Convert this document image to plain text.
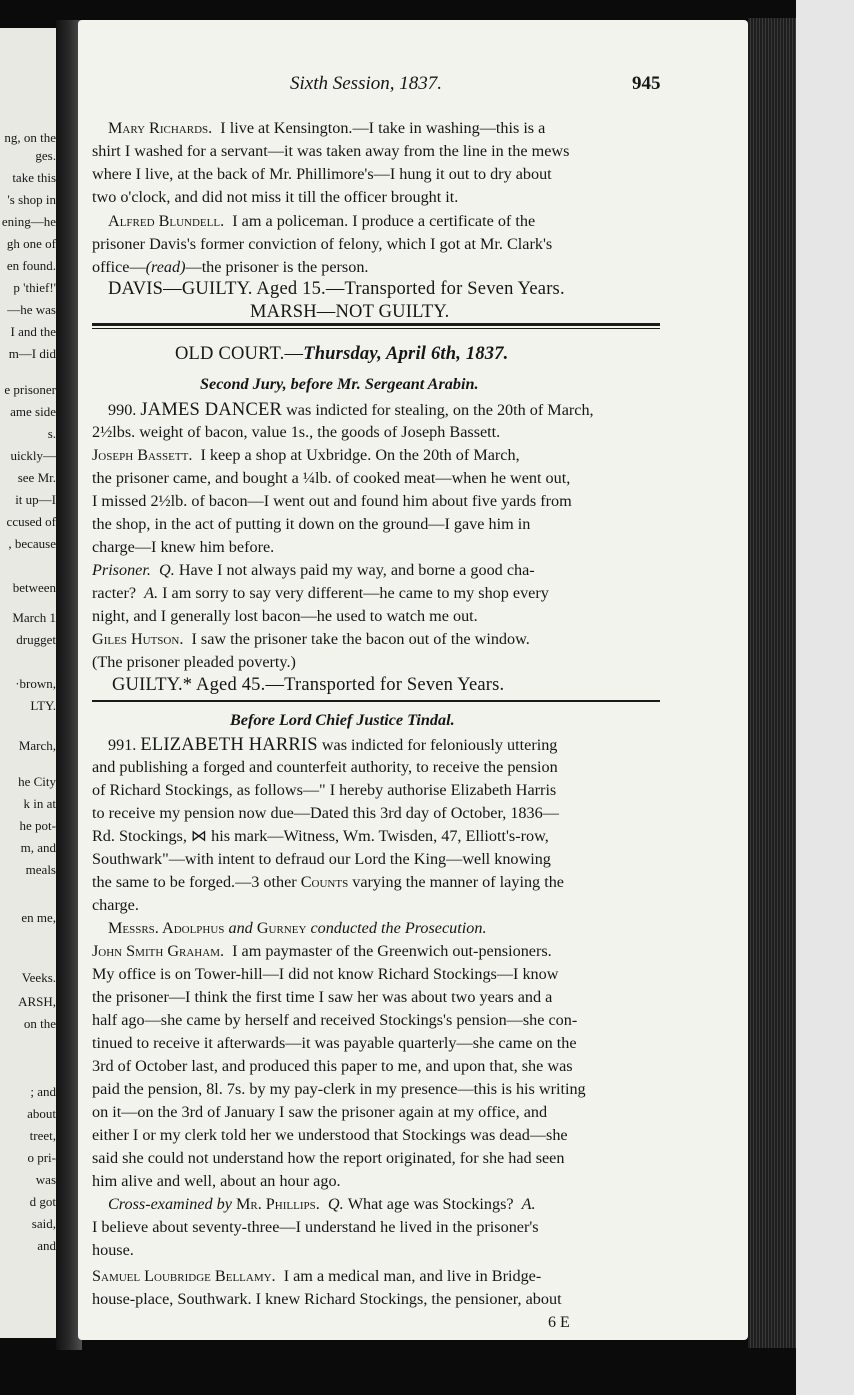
ng, on the
ges.
take this
's shop in
ening—he
gh one of
en found.
p 'thief!'
—he was
I and the
m—I did
e prisoner
ame side
s.
uickly—
see Mr.
it up—I
ccused of
, because
between
March 1
drugget
·brown,
LTY.
March,
he City
k in at
he pot-
m, and
meals
en me,
Veeks.
ARSH,
on the
; and
about
treet,
o pri-
was
d got
said,
and
Sixth Session, 1837.	945
Mary Richards. I live at Kensington.—I take in washing—this is a
shirt I washed for a servant—it was taken away from the line in the mews
where I live, at the back of Mr. Phillimore's—I hung it out to dry about
two o'clock, and did not miss it till the officer brought it.
Alfred Blundell. I am a policeman. I produce a certificate of the
prisoner Davis's former conviction of felony, which I got at Mr. Clark's
office—(read)—the prisoner is the person.
DAVIS—GUILTY. Aged 15.—Transported for Seven Years.
MARSH—NOT GUILTY.
OLD COURT.—Thursday, April 6th, 1837.
Second Jury, before Mr. Sergeant Arabin.
990. JAMES DANCER was indicted for stealing, on the 20th of March,
2½lbs. weight of bacon, value 1s., the goods of Joseph Bassett.
Joseph Bassett. I keep a shop at Uxbridge. On the 20th of March,
the prisoner came, and bought a ¼lb. of cooked meat—when he went out,
I missed 2½lb. of bacon—I went out and found him about five yards from
the shop, in the act of putting it down on the ground—I gave him in
charge—I knew him before.
Prisoner. Q. Have I not always paid my way, and borne a good cha-
racter? A. I am sorry to say very different—he came to my shop every
night, and I generally lost bacon—he used to watch me out.
Giles Hutson. I saw the prisoner take the bacon out of the window.
(The prisoner pleaded poverty.)
GUILTY.* Aged 45.—Transported for Seven Years.
Before Lord Chief Justice Tindal.
991. ELIZABETH HARRIS was indicted for feloniously uttering
and publishing a forged and counterfeit authority, to receive the pension
of Richard Stockings, as follows—" I hereby authorise Elizabeth Harris
to receive my pension now due—Dated this 3rd day of October, 1836—
Rd. Stockings, ⋈ his mark—Witness, Wm. Twisden, 47, Elliott's-row,
Southwark"—with intent to defraud our Lord the King—well knowing
the same to be forged.—3 other Counts varying the manner of laying the
charge.
Messrs. Adolphus and Gurney conducted the Prosecution.
John Smith Graham. I am paymaster of the Greenwich out-pensioners.
My office is on Tower-hill—I did not know Richard Stockings—I know
the prisoner—I think the first time I saw her was about two years and a
half ago—she came by herself and received Stockings's pension—she con-
tinued to receive it afterwards—it was payable quarterly—she came on the
3rd of October last, and produced this paper to me, and upon that, she was
paid the pension, 8l. 7s. by my pay-clerk in my presence—this is his writing
on it—on the 3rd of January I saw the prisoner again at my office, and
either I or my clerk told her we understood that Stockings was dead—she
said she could not understand how the report originated, for she had seen
him alive and well, about an hour ago.
Cross-examined by Mr. Phillips. Q. What age was Stockings? A.
I believe about seventy-three—I understand he lived in the prisoner's
house.
Samuel Loubridge Bellamy. I am a medical man, and live in Bridge-
house-place, Southwark. I knew Richard Stockings, the pensioner, about
6 E
